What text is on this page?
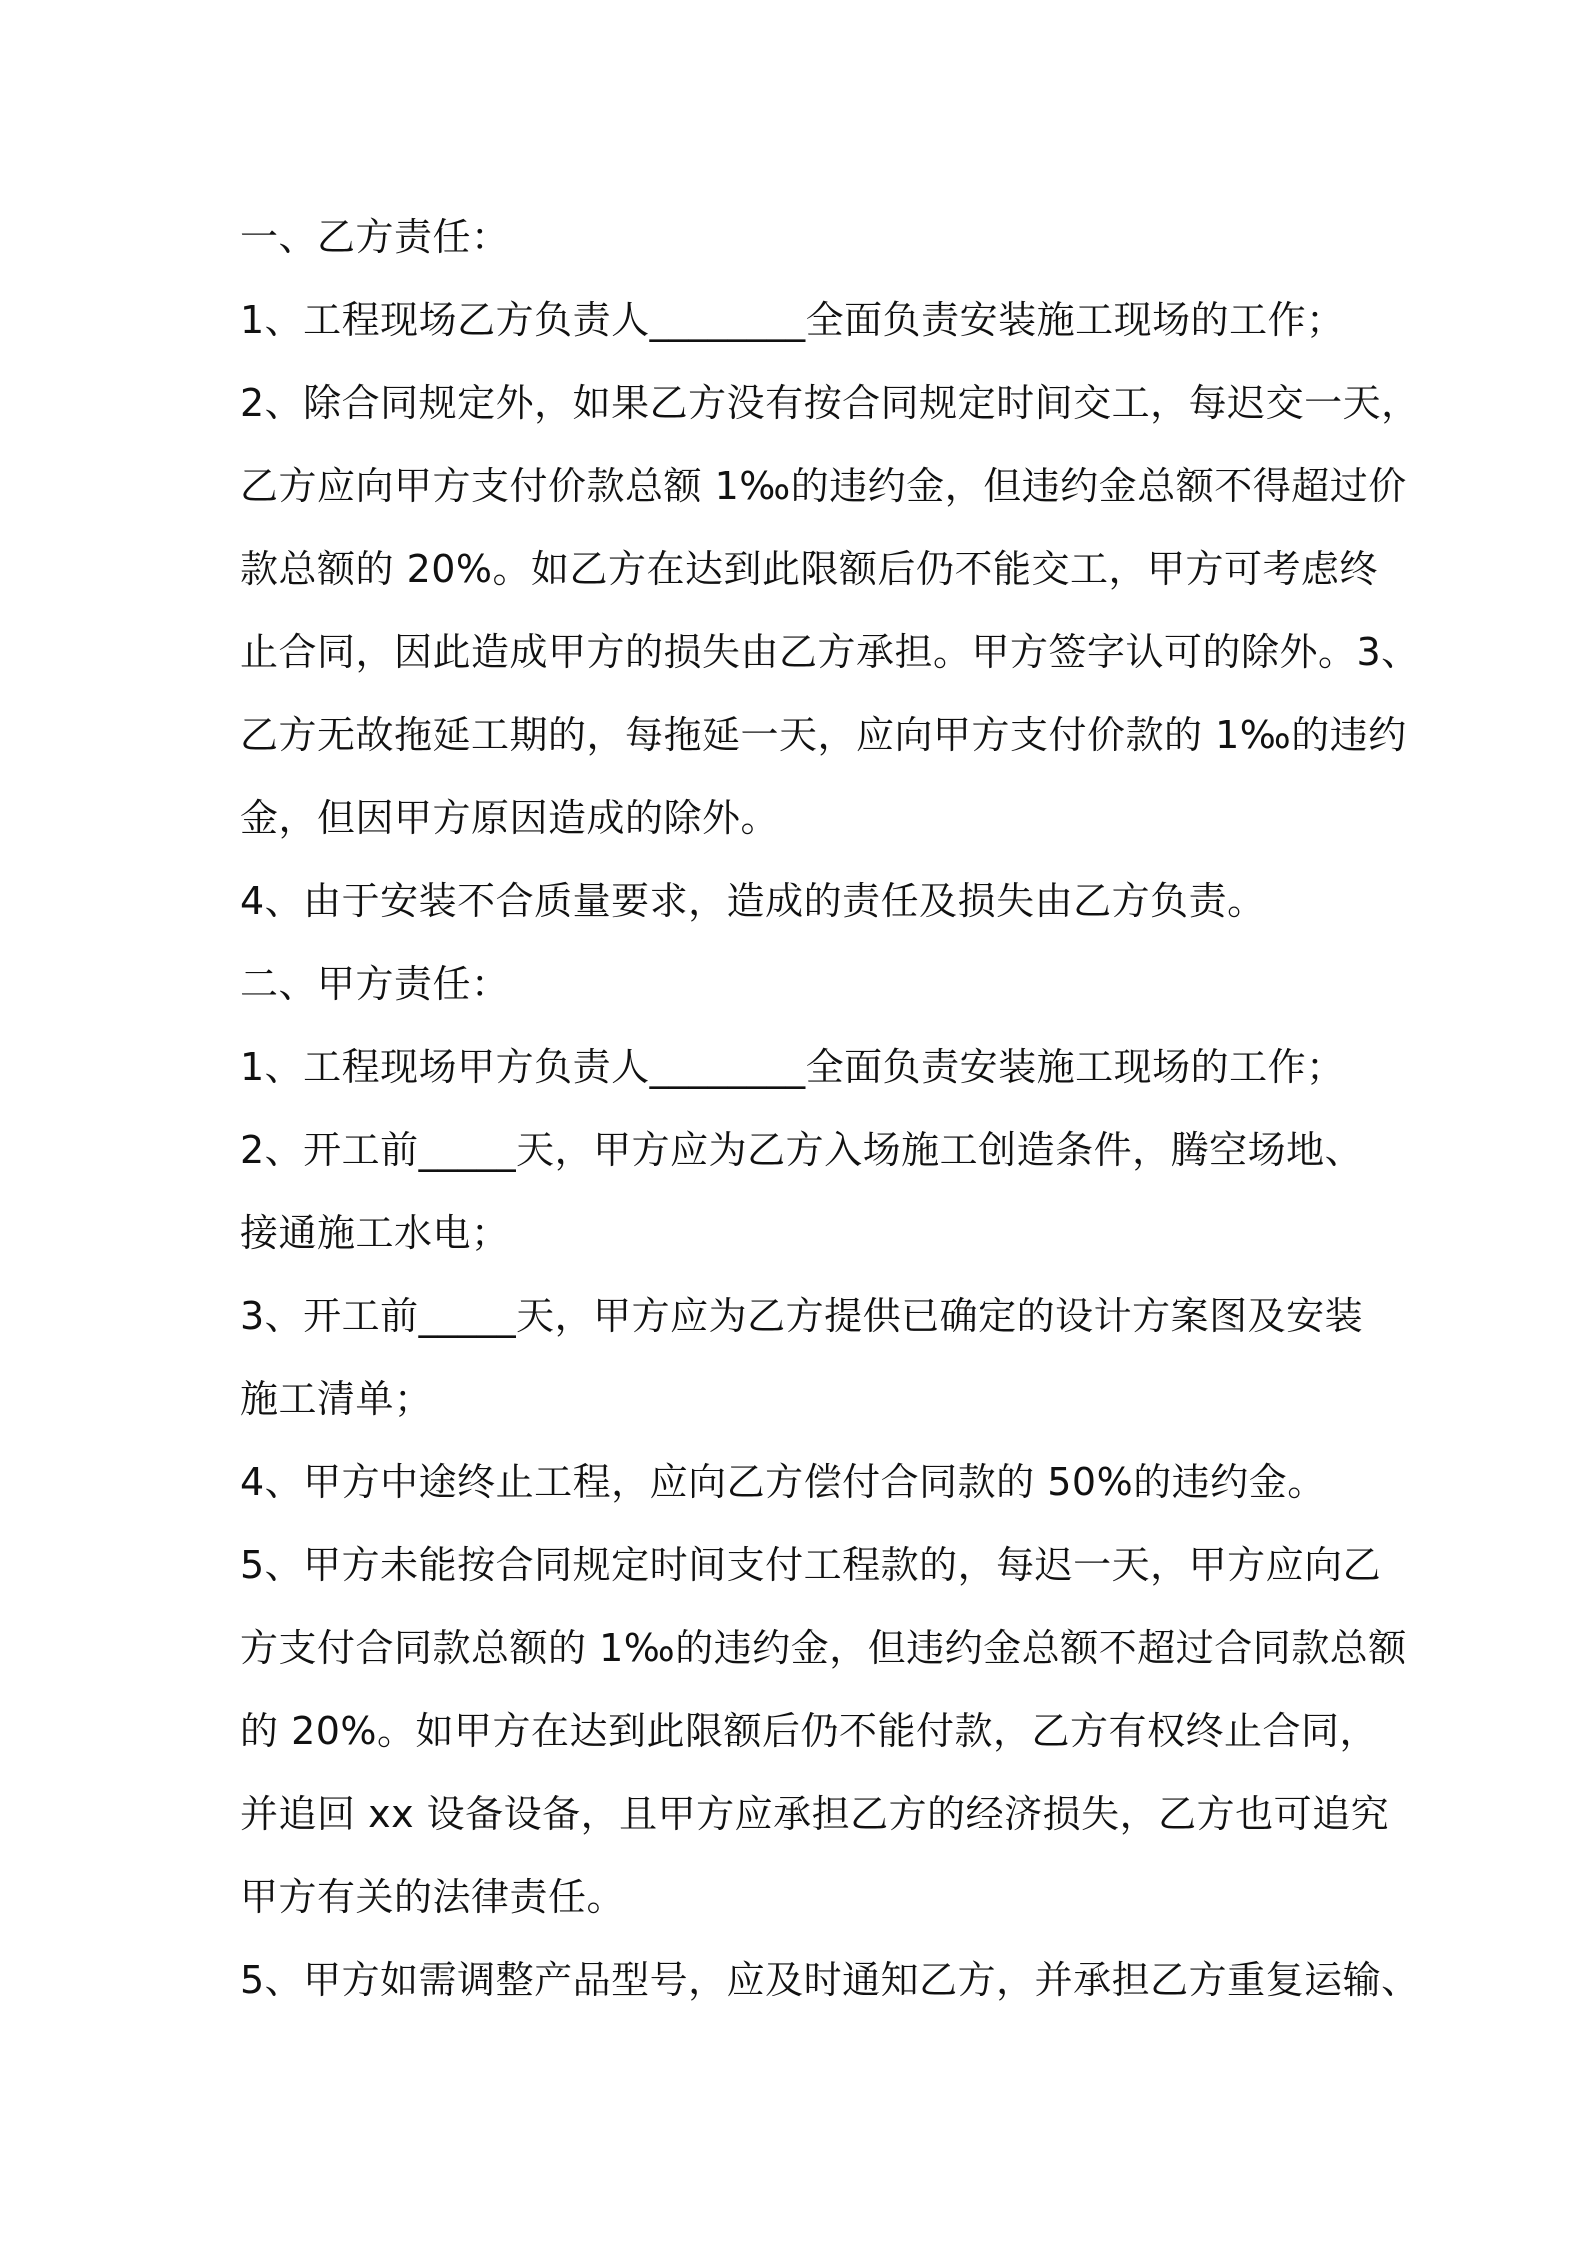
一、乙方责任：
1、工程现场乙方负责人________全面负责安装施工现场的工作；
2、除合同规定外，如果乙方没有按合同规定时间交工，每迟交一天，
乙方应向甲方支付价款总额 1‰的违约金，但违约金总额不得超过价
款总额的 20%。如乙方在达到此限额后仍不能交工，甲方可考虑终
止合同，因此造成甲方的损失由乙方承担。甲方签字认可的除外。3、
乙方无故拖延工期的，每拖延一天，应向甲方支付价款的 1‰的违约
金，但因甲方原因造成的除外。
4、由于安装不合质量要求，造成的责任及损失由乙方负责。
二、甲方责任：
1、工程现场甲方负责人________全面负责安装施工现场的工作；
2、开工前_____天，甲方应为乙方入场施工创造条件，腾空场地、
接通施工水电；
3、开工前_____天，甲方应为乙方提供已确定的设计方案图及安装
施工清单；
4、甲方中途终止工程，应向乙方偿付合同款的 50%的违约金。
5、甲方未能按合同规定时间支付工程款的，每迟一天，甲方应向乙
方支付合同款总额的 1‰的违约金，但违约金总额不超过合同款总额
的 20%。如甲方在达到此限额后仍不能付款，乙方有权终止合同，
并追回 xx 设备设备，且甲方应承担乙方的经济损失，乙方也可追究
甲方有关的法律责任。
5、甲方如需调整产品型号，应及时通知乙方，并承担乙方重复运输、
